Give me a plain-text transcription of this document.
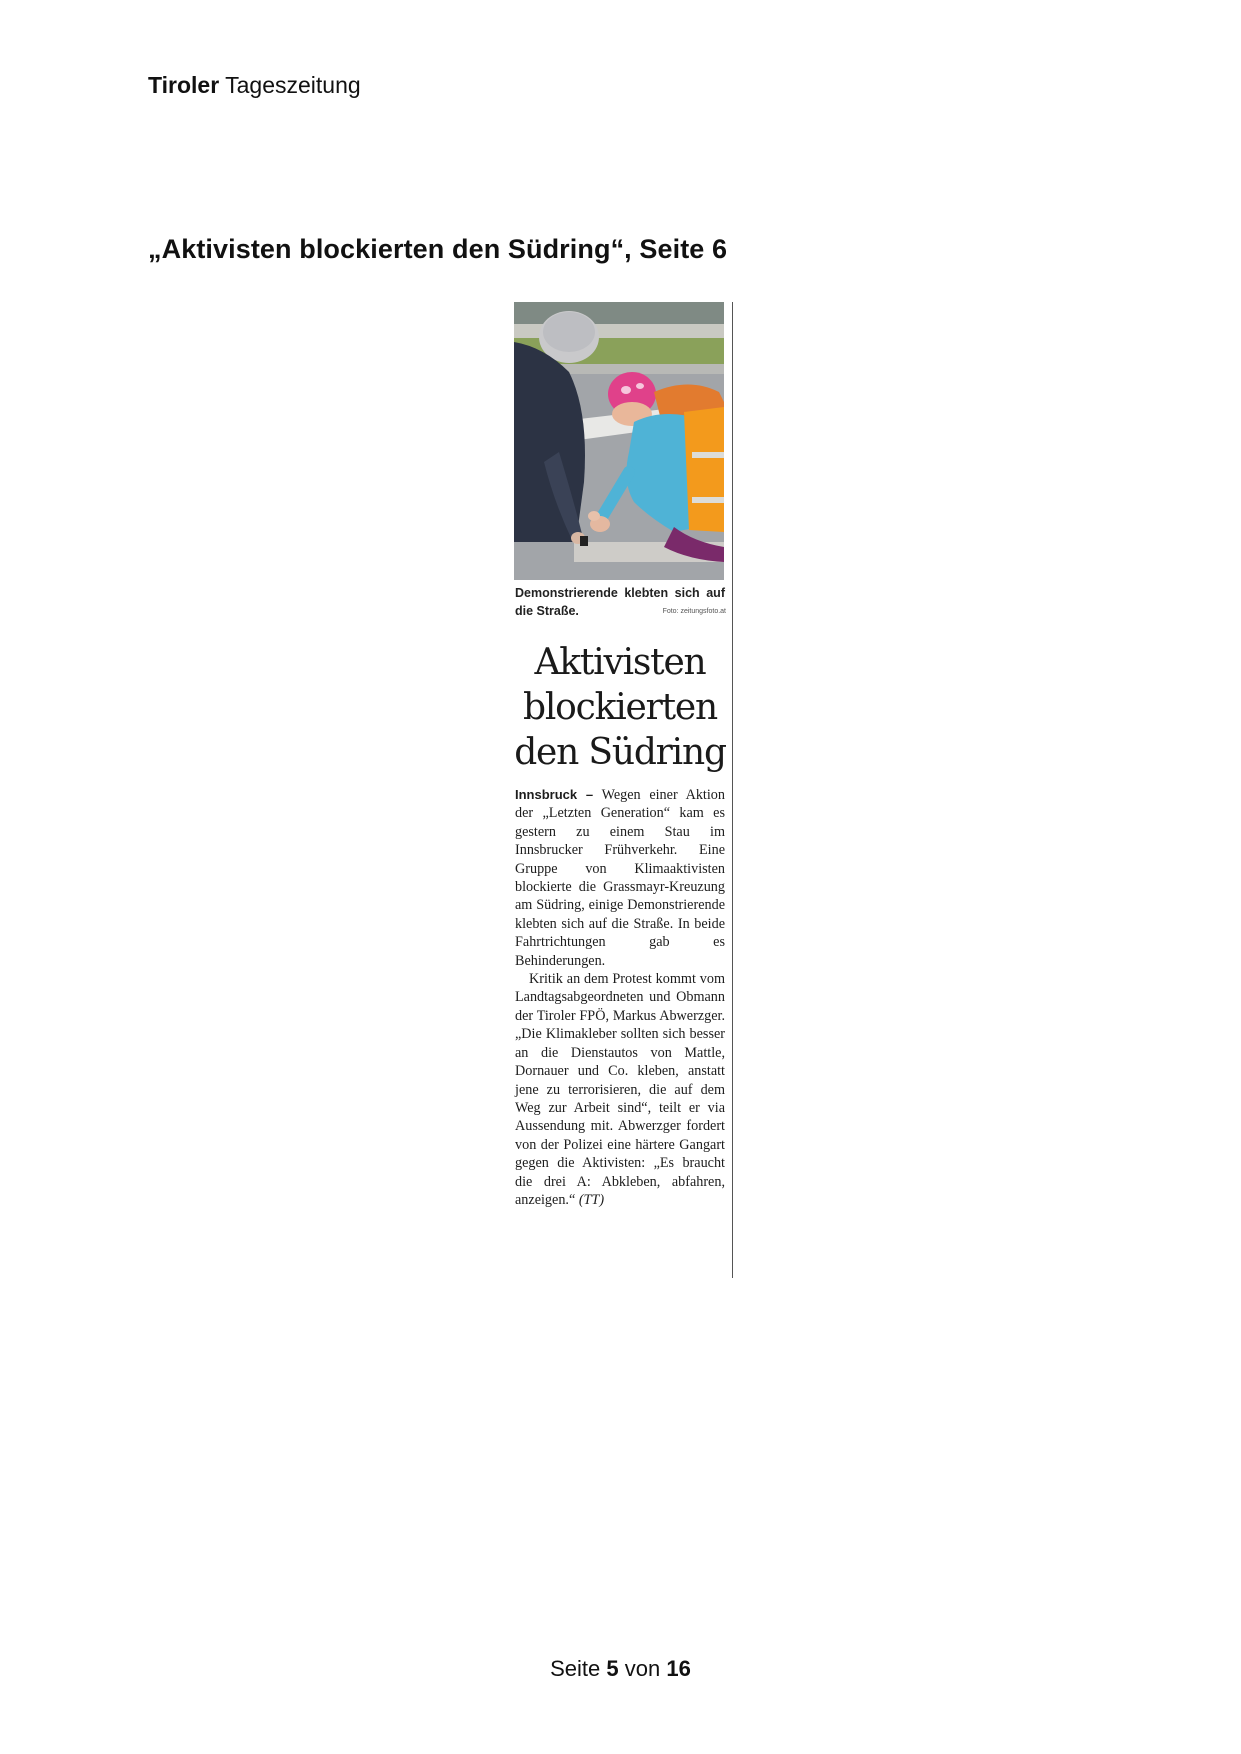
Tiroler Tageszeitung
„Aktivisten blockierten den Südring“, Seite 6
Demonstrierende klebten sich auf die Straße.	Foto: zeitungsfoto.at
Aktivisten
blockierten
den Südring

Innsbruck – Wegen einer Aktion der „Letzten Generation“ kam es gestern zu einem Stau im Innsbrucker Frühverkehr. Eine Gruppe von Klimaaktivisten blockierte die Grassmayr-Kreuzung am Südring, einige Demonstrierende klebten sich auf die Straße. In beide Fahrtrichtungen gab es Behinderungen.

Kritik an dem Protest kommt vom Landtagsabgeordneten und Obmann der Tiroler FPÖ, Markus Abwerzger. „Die Klimakleber sollten sich besser an die Dienstautos von Mattle, Dornauer und Co. kleben, anstatt jene zu terrorisieren, die auf dem Weg zur Arbeit sind“, teilt er via Aussendung mit. Abwerzger fordert von der Polizei eine härtere Gangart gegen die Aktivisten: „Es braucht die drei A: Abkleben, abfahren, anzeigen.“ (TT)

Seite 5 von 16
